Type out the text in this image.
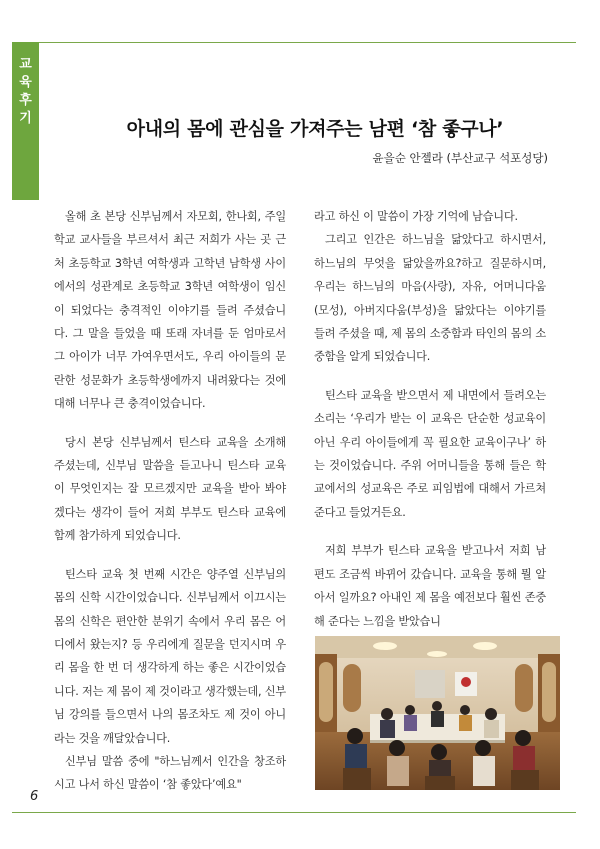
교
육
후
기	아내의 몸에 관심을 가져주는 남편 ‘참 좋구나’
윤을순 안젤라 (부산교구 석포성당)

올해 초 본당 신부님께서 자모회, 한나회, 주일학교 교사들을 부르셔서 최근 저희가 사는 곳 근처 초등학교 3학년 여학생과 고학년 남학생 사이에서의 성관계로 초등학교 3학년 여학생이 임신이 되었다는 충격적인 이야기를 들려 주셨습니다. 그 말을 들었을 때 또래 자녀를 둔 엄마로서 그 아이가 너무 가여우면서도, 우리 아이들의 문란한 성문화가 초등학생에까지 내려왔다는 것에 대해 너무나 큰 충격이었습니다.

당시 본당 신부님께서 틴스타 교육을 소개해 주셨는데, 신부님 말씀을 듣고나니 틴스타 교육이 무엇인지는 잘 모르겠지만 교육을 받아 봐야겠다는 생각이 들어 저희 부부도 틴스타 교육에 함께 참가하게 되었습니다.

틴스타 교육 첫 번째 시간은 양주열 신부님의 몸의 신학 시간이었습니다. 신부님께서 이끄시는 몸의 신학은 편안한 분위기 속에서 우리 몸은 어디에서 왔는지? 등 우리에게 질문을 던지시며 우리 몸을 한 번 더 생각하게 하는 좋은 시간이었습니다. 저는 제 몸이 제 것이라고 생각했는데, 신부님 강의를 들으면서 나의 몸조차도 제 것이 아니라는 것을 깨달았습니다.

신부님 말씀 중에 "하느님께서 인간을 창조하시고 나서 하신 말씀이 ‘참 좋았다’예요"

라고 하신 이 말씀이 가장 기억에 남습니다.

그리고 인간은 하느님을 닮았다고 하시면서, 하느님의 무엇을 닮았을까요?하고 질문하시며, 우리는 하느님의 마음(사랑), 자유, 어머니다움(모성), 아버지다움(부성)을 닮았다는 이야기를 들려 주셨을 때, 제 몸의 소중함과 타인의 몸의 소중함을 알게 되었습니다.

틴스타 교육을 받으면서 제 내면에서 들려오는 소리는 ‘우리가 받는 이 교육은 단순한 성교육이 아닌 우리 아이들에게 꼭 필요한 교육이구나’ 하는 것이었습니다. 주위 어머니들을 통해 들은 학교에서의 성교육은 주로 피임법에 대해서 가르쳐 준다고 들었거든요.

저희 부부가 틴스타 교육을 받고나서 저희 남편도 조금씩 바뀌어 갔습니다. 교육을 통해 뭘 알아서 일까요? 아내인 제 몸을 예전보다 훨씬 존중해 준다는 느낌을 받았습니

6
